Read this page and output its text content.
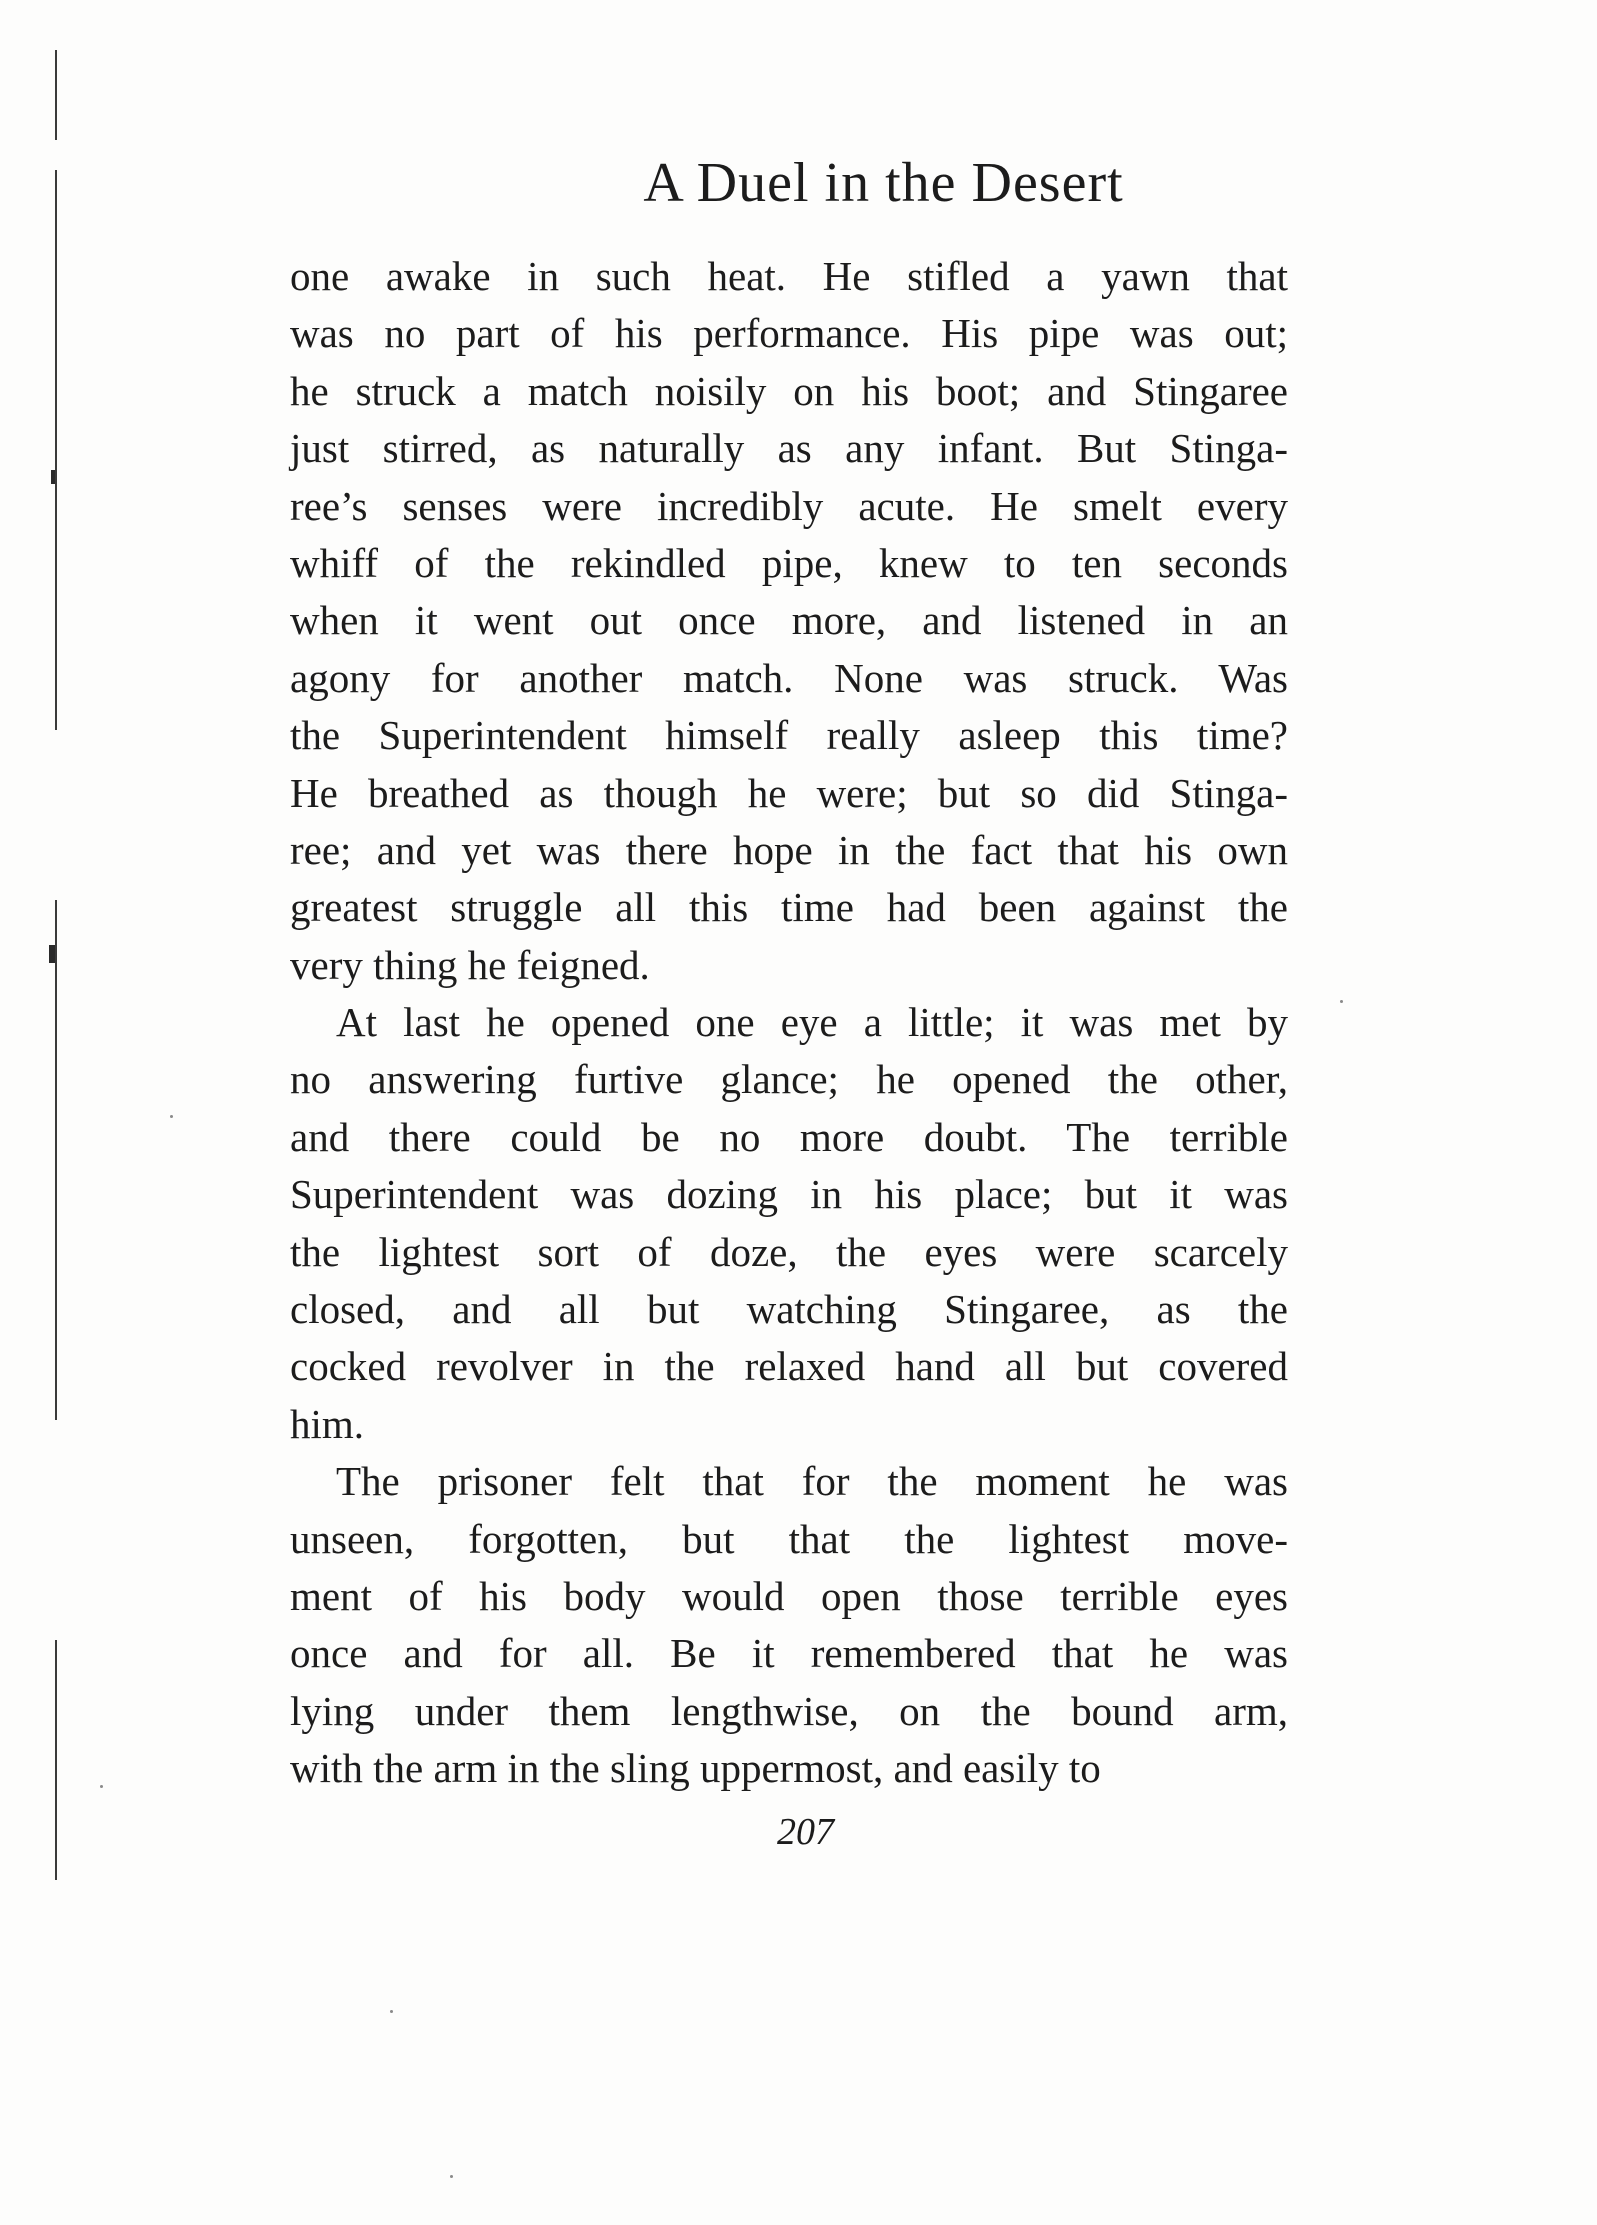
A Duel in the Desert
one awake in such heat. He stifled a yawn that
was no part of his performance. His pipe was out;
he struck a match noisily on his boot; and Stingaree
just stirred, as naturally as any infant. But Stinga-
ree’s senses were incredibly acute. He smelt every
whiff of the rekindled pipe, knew to ten seconds
when it went out once more, and listened in an
agony for another match. None was struck. Was
the Superintendent himself really asleep this time?
He breathed as though he were; but so did Stinga-
ree; and yet was there hope in the fact that his own
greatest struggle all this time had been against the
very thing he feigned.
At last he opened one eye a little; it was met by
no answering furtive glance; he opened the other,
and there could be no more doubt. The terrible
Superintendent was dozing in his place; but it was
the lightest sort of doze, the eyes were scarcely
closed, and all but watching Stingaree, as the
cocked revolver in the relaxed hand all but covered
him.
The prisoner felt that for the moment he was
unseen, forgotten, but that the lightest move-
ment of his body would open those terrible eyes
once and for all. Be it remembered that he was
lying under them lengthwise, on the bound arm,
with the arm in the sling uppermost, and easily to
207
